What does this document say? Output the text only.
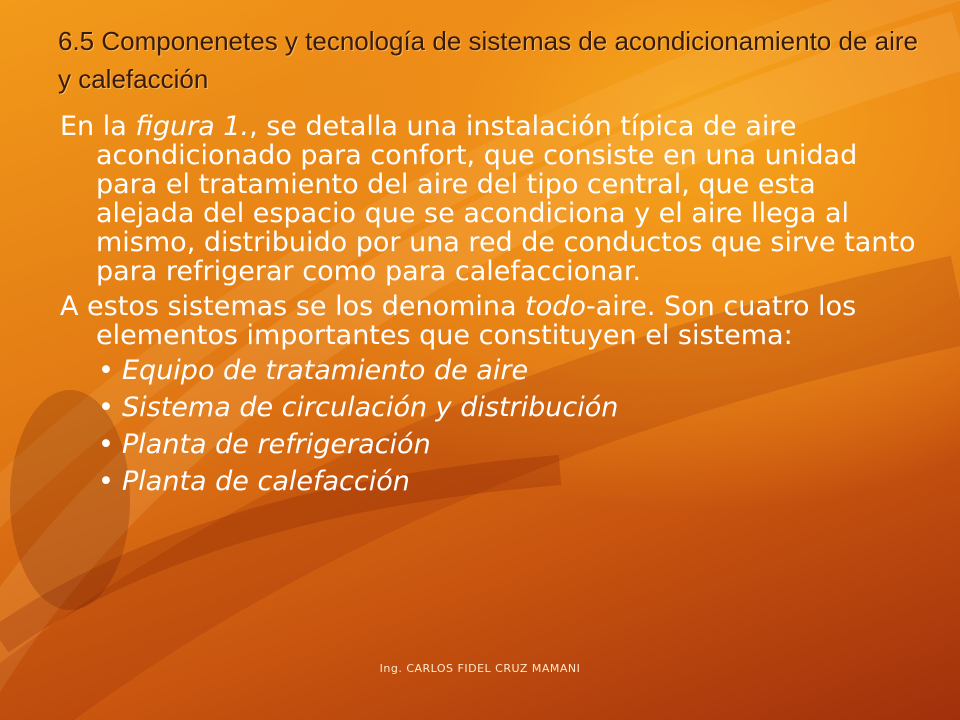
6.5 Componenetes y tecnología de sistemas de acondicionamiento de aire y calefacción

En la figura 1., se detalla una instalación típica de aire acondicionado para confort, que consiste en una unidad para el tratamiento del aire del tipo central, que esta alejada del espacio que se acondiciona y el aire llega al mismo, distribuido por una red de conductos que sirve tanto para refrigerar como para calefaccionar.

A estos sistemas se los denomina todo-aire. Son cuatro los elementos importantes que constituyen el sistema:

• Equipo de tratamiento de aire
• Sistema de circulación y distribución
• Planta de refrigeración
• Planta de calefacción
Ing. CARLOS FIDEL CRUZ MAMANI
